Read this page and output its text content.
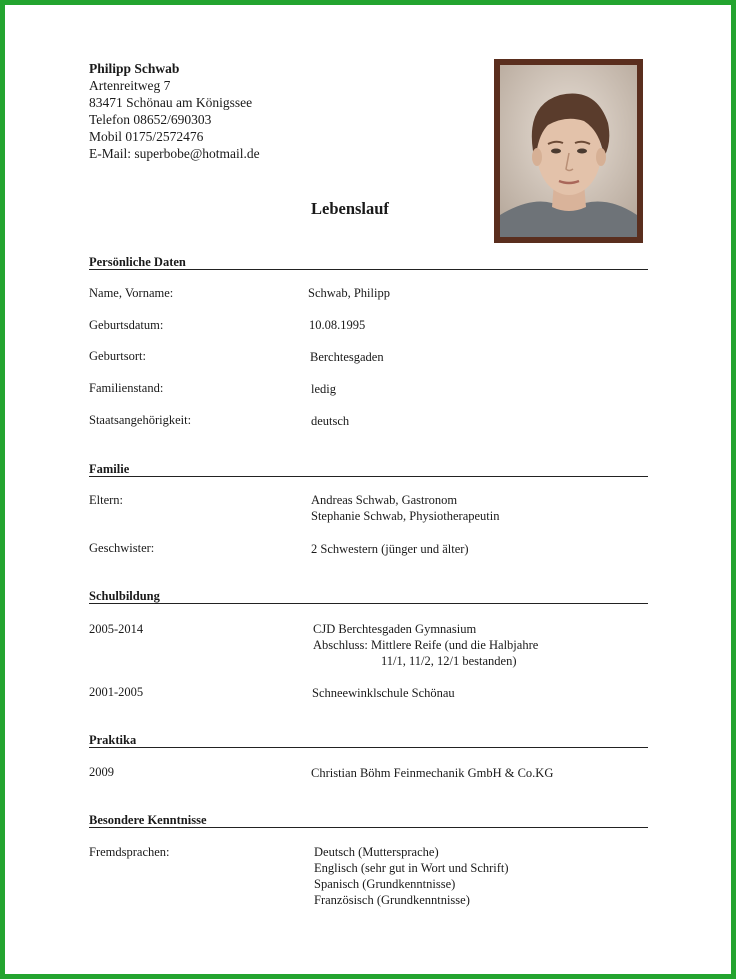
Philipp Schwab
Artenreitweg 7
83471 Schönau am Königssee
Telefon 08652/690303
Mobil 0175/2572476
E-Mail: superbobe@hotmail.de
Lebenslauf
Persönliche Daten
Name, Vorname:	Schwab, Philipp
Geburtsdatum:	10.08.1995
Geburtsort:	Berchtesgaden
Familienstand:	ledig
Staatsangehörigkeit:	deutsch
Familie
Eltern:	Andreas Schwab, Gastronom
Stephanie Schwab, Physiotherapeutin
Geschwister:	2 Schwestern (jünger und älter)
Schulbildung
2005-2014	CJD Berchtesgaden Gymnasium
Abschluss: Mittlere Reife (und die Halbjahre
11/1, 11/2, 12/1 bestanden)
2001-2005	Schneewinklschule Schönau
Praktika
2009	Christian Böhm Feinmechanik GmbH & Co.KG
Besondere Kenntnisse
Fremdsprachen:	Deutsch (Muttersprache)
Englisch (sehr gut in Wort und Schrift)
Spanisch (Grundkenntnisse)
Französisch (Grundkenntnisse)
